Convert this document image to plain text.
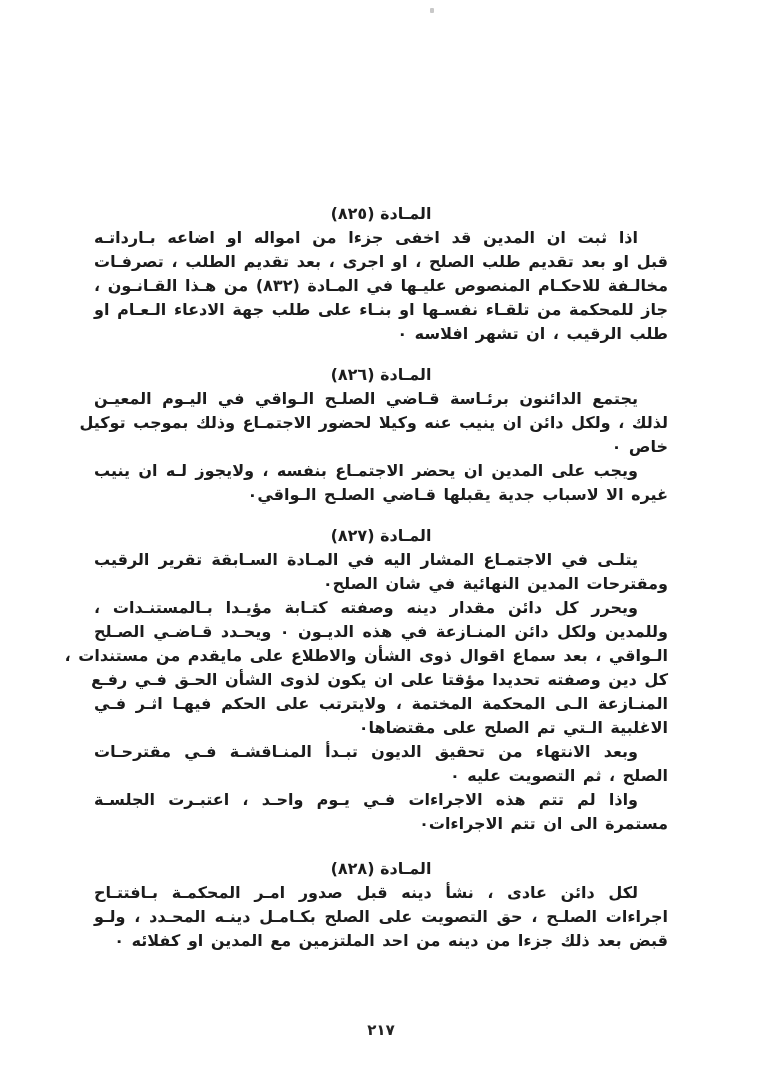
المـادة (٨٢٥)
اذا ثبت ان المدين قد اخفى جزءا من امواله او اضاعه بـارداتـه
قبل او بعد تقديم طلب الصلح ، او اجرى ، بعد تقديم الطلب ، تصرفـات
مخالـفة للاحكـام المنصوص عليـها في المـادة (٨٣٢) من هـذا القـانـون ،
جاز للمحكمة من تلقـاء نفسـها او بنـاء على طلب جهة الادعاء الـعـام او
طلب الرقيب ، ان تشهر افلاسه ٠
المـادة (٨٢٦)
يجتمع الدائنون برئـاسة قـاضي الصلـح الـواقي في اليـوم المعيـن
لذلك ، ولكل دائن ان ينيب عنه وكيلا لحضور الاجتمـاع وذلك بموجب توكيل
خاص ٠
ويجب على المدين ان يحضر الاجتمـاع بنفسه ، ولايجوز لـه ان ينيب
غيره الا لاسباب جدية يقبلها قـاضي الصلـح الـواقي٠
المـادة (٨٢٧)
يتلـى في الاجتمـاع المشار اليه في المـادة السـابقة تقرير الرقيب
ومقترحات المدين النهائية في شان الصلح٠
ويحرر كل دائن مقدار دينه وصفته كتـابة مؤيـدا بـالمستنـدات ،
وللمدين ولكل دائن المنـازعة في هذه الديـون ٠ ويحـدد قـاضـي الصـلح
الـواقي ، بعد سماع اقوال ذوى الشأن والاطلاع على مايقدم من مستندات ،
كل دين وصفته تحديدا مؤقتا على ان يكون لذوى الشأن الحـق فـي رفـع
المنـازعة الـى المحكمة المختمة ، ولايترتب على الحكم فيهـا اثـر فـي
الاغلبية الـتي تم الصلح على مقتضاها٠
وبعد الانتهاء من تحقيق الديون تبـدأ المنـاقشـة فـي مقترحـات
الصلح ، ثم التصويت عليه ٠
واذا لم تتم هذه الاجراءات فـي يـوم واحـد ، اعتبـرت الجلسـة
مستمرة الى ان تتم الاجراءات٠
المـادة (٨٢٨)
لكل دائن عادى ، نشأ دينه قبل صدور امـر المحكمـة بـافتتـاح
اجراءات الصلـح ، حق التصويت على الصلح بكـامـل دينـه المحـدد ، ولـو
قبض بعد ذلك جزءا من دينه من احد الملتزمين مع المدين او كفلائه ٠
٢١٧
